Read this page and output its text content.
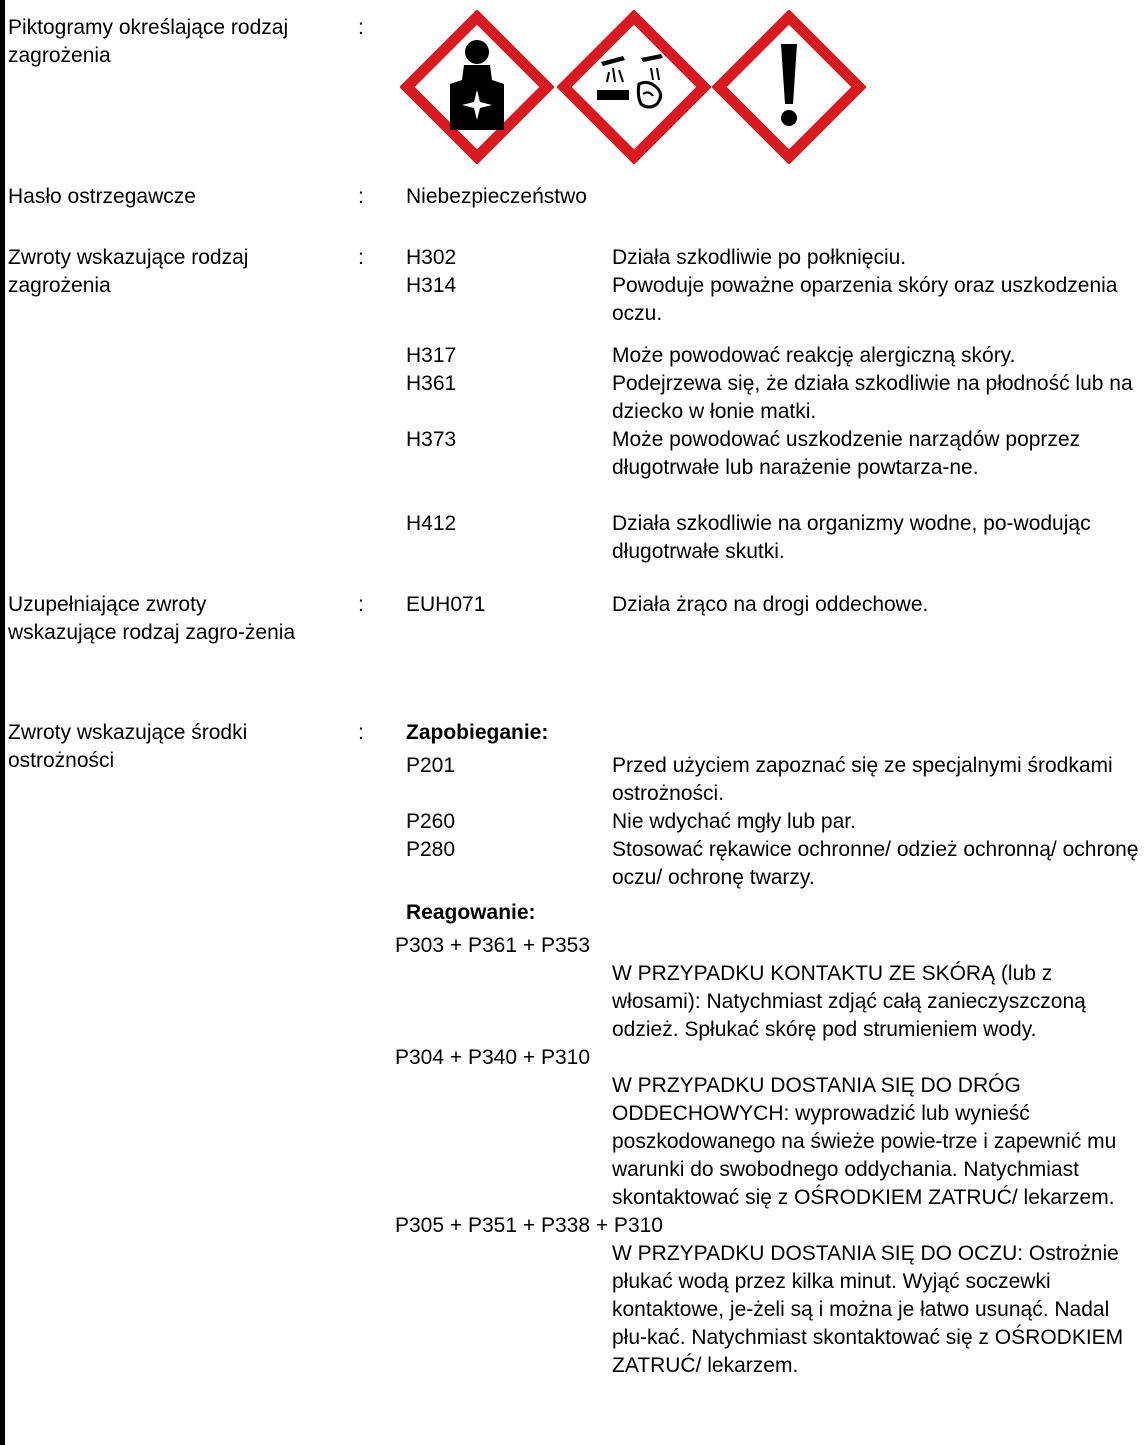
Piktogramy określające rodzaj zagrożenia
:
Hasło ostrzegawcze	: Niebezpieczeństwo
Zwroty wskazujące rodzaj zagrożenia
: H302	Działa szkodliwie po połknięciu.
H314	Powoduje poważne oparzenia skóry oraz uszkodzenia oczu.
H317	Może powodować reakcję alergiczną skóry.
H361	Podejrzewa się, że działa szkodliwie na płodność lub na dziecko w łonie matki.
H373	Może powodować uszkodzenie narządów poprzez długotrwałe lub narażenie powtarza-ne.
H412	Działa szkodliwie na organizmy wodne, po-wodując długotrwałe skutki.
Uzupełniające zwroty wskazujące rodzaj zagro-żenia
: EUH071	Działa żrąco na drogi oddechowe.
Zwroty wskazujące środki ostrożności
: Zapobieganie:
P201	Przed użyciem zapoznać się ze specjalnymi środkami ostrożności.
P260	Nie wdychać mgły lub par.
P280	Stosować rękawice ochronne/ odzież ochronną/ ochronę oczu/ ochronę twarzy.
Reagowanie:
P303 + P361 + P353
W PRZYPADKU KONTAKTU ZE SKÓRĄ (lub z włosami): Natychmiast zdjąć całą zanieczyszczoną odzież. Spłukać skórę pod strumieniem wody.
P304 + P340 + P310
W PRZYPADKU DOSTANIA SIĘ DO DRÓG ODDECHOWYCH: wyprowadzić lub wynieść poszkodowanego na świeże powie-trze i zapewnić mu warunki do swobodnego oddychania. Natychmiast skontaktować się z OŚRODKIEM ZATRUĆ/ lekarzem.
P305 + P351 + P338 + P310
W PRZYPADKU DOSTANIA SIĘ DO OCZU: Ostrożnie płukać wodą przez kilka minut. Wyjąć soczewki kontaktowe, je-żeli są i można je łatwo usunąć. Nadal płu-kać. Natychmiast skontaktować się z OŚRODKIEM ZATRUĆ/ lekarzem.
